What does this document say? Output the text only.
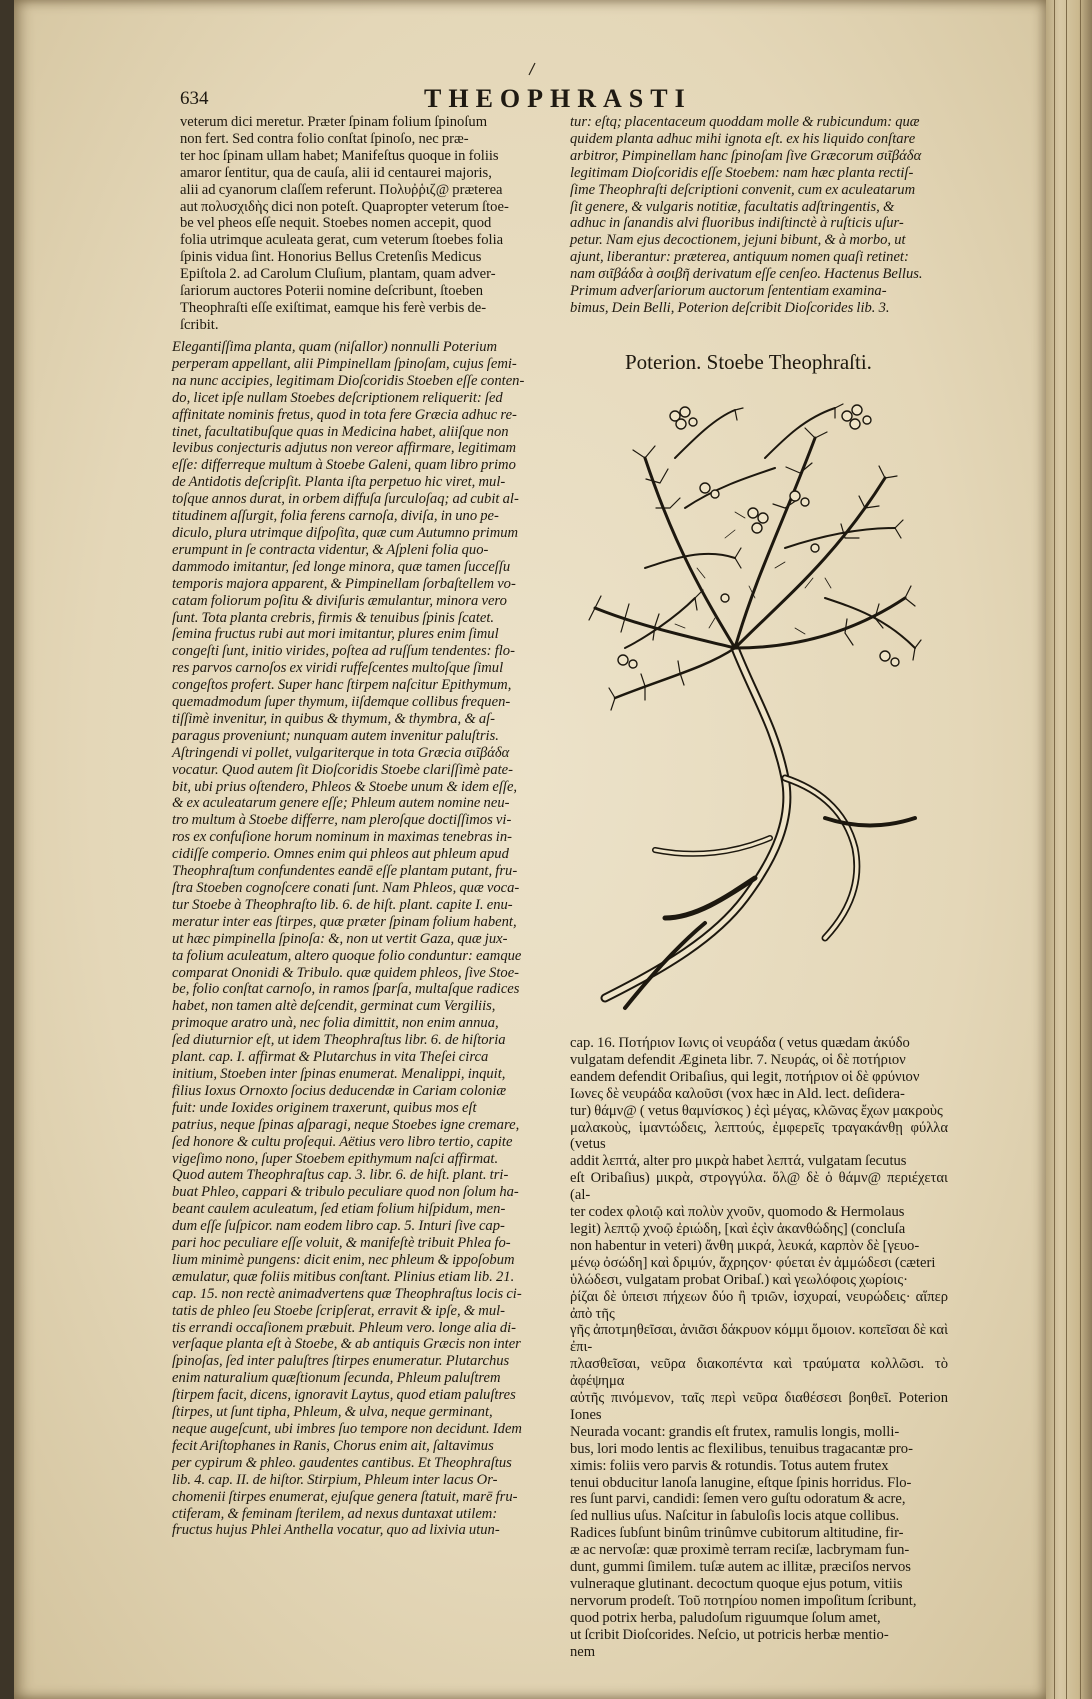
634	THEOPHRASTI

veterum dici meretur. Præter ſpinam folium ſpinoſum
non fert. Sed contra folio conſtat ſpinoſo, nec præ-
ter hoc ſpinam ullam habet; Manifeſtus quoque in foliis
amaror ſentitur, qua de cauſa, alii id centaurei majoris,
alii ad cyanorum claſſem referunt. Πολυῤῥιζ@ præterea
aut πολυσχιδὴς dici non poteſt. Quapropter veterum ſtoe-
be vel pheos eſſe nequit. Stoebes nomen accepit, quod
folia utrimque aculeata gerat, cum veterum ſtoebes folia
ſpinis vidua ſint. Honorius Bellus Cretenſis Medicus
Epiſtola 2. ad Carolum Cluſium, plantam, quam adver-
ſariorum auctores Poterii nomine deſcribunt, ſtoeben
Theophraſti eſſe exiſtimat, eamque his ferè verbis de-
ſcribit.

Elegantiſſima planta, quam (niſallor) nonnulli Poterium
perperam appellant, alii Pimpinellam ſpinoſam, cujus ſemi-
na nunc accipies, legitimam Dioſcoridis Stoeben eſſe conten-
do, licet ipſe nullam Stoebes deſcriptionem reliquerit: ſed
affinitate nominis fretus, quod in tota fere Græcia adhuc re-
tinet, facultatibuſque quas in Medicina habet, aliiſque non
levibus conjecturis adjutus non vereor affirmare, legitimam
eſſe: differreque multum à Stoebe Galeni, quam libro primo
de Antidotis deſcripſit. Planta iſta perpetuo hic viret, mul-
toſque annos durat, in orbem diffuſa ſurculoſaq; ad cubit al-
titudinem aſſurgit, folia ferens carnoſa, diviſa, in uno pe-
diculo, plura utrimque diſpoſita, quæ cum Autumno primum
erumpunt in ſe contracta videntur, & Aſpleni folia quo-
dammodo imitantur, ſed longe minora, quæ tamen ſucceſſu
temporis majora apparent, & Pimpinellam ſorbaſtellem vo-
catam foliorum poſitu & diviſuris æmulantur, minora vero
ſunt. Tota planta crebris, firmis & tenuibus ſpinis ſcatet.
ſemina fructus rubi aut mori imitantur, plures enim ſimul
congeſti ſunt, initio virides, poſtea ad ruſſum tendentes: flo-
res parvos carnoſos ex viridi ruffeſcentes multoſque ſimul
congeſtos profert. Super hanc ſtirpem naſcitur Epithymum,
quemadmodum ſuper thymum, iiſdemque collibus frequen-
tiſſimè invenitur, in quibus & thymum, & thymbra, & aſ-
paragus proveniunt; nunquam autem invenitur paluſtris.
Aſtringendi vi pollet, vulgariterque in tota Græcia σιῖβάδα
vocatur. Quod autem ſit Dioſcoridis Stoebe clariſſimè pate-
bit, ubi prius oſtendero, Phleos & Stoebe unum & idem eſſe,
& ex aculeatarum genere eſſe; Phleum autem nomine neu-
tro multum à Stoebe differre, nam pleroſque doctiſſimos vi-
ros ex confuſione horum nominum in maximas tenebras in-
cidiſſe comperio. Omnes enim qui phleos aut phleum apud
Theophraſtum confundentes eandē eſſe plantam putant, fru-
ſtra Stoeben cognoſcere conati ſunt. Nam Phleos, quæ voca-
tur Stoebe à Theophraſto lib. 6. de hiſt. plant. capite I. enu-
meratur inter eas ſtirpes, quæ præter ſpinam folium habent,
ut hæc pimpinella ſpinoſa: &, non ut vertit Gaza, quæ jux-
ta folium aculeatum, altero quoque folio conduntur: eamque
comparat Ononidi & Tribulo. quæ quidem phleos, ſive Stoe-
be, folio conſtat carnoſo, in ramos ſparſa, multaſque radices
habet, non tamen altè deſcendit, germinat cum Vergiliis,
primoque aratro unà, nec folia dimittit, non enim annua,
ſed diuturnior eſt, ut idem Theophraſtus libr. 6. de hiſtoria
plant. cap. I. affirmat & Plutarchus in vita Theſei circa
initium, Stoeben inter ſpinas enumerat. Menalippi, inquit,
filius Ioxus Ornoxto ſocius deducendæ in Cariam coloniæ
fuit: unde Ioxides originem traxerunt, quibus mos eſt
patrius, neque ſpinas aſparagi, neque Stoebes igne cremare,
ſed honore & cultu proſequi. Aëtius vero libro tertio, capite
vigeſimo nono, ſuper Stoebem epithymum naſci affirmat.
Quod autem Theophraſtus cap. 3. libr. 6. de hiſt. plant. tri-
buat Phleo, cappari & tribulo peculiare quod non ſolum ha-
beant caulem aculeatum, ſed etiam folium hiſpidum, men-
dum eſſe ſuſpicor. nam eodem libro cap. 5. Inturi ſive cap-
pari hoc peculiare eſſe voluit, & manifeſtè tribuit Phlea fo-
lium minimè pungens: dicit enim, nec phleum & ippoſobum
æmulatur, quæ foliis mitibus conſtant. Plinius etiam lib. 21.
cap. 15. non rectè animadvertens quæ Theophraſtus locis ci-
tatis de phleo ſeu Stoebe ſcripſerat, erravit & ipſe, & mul-
tis errandi occaſionem præbuit. Phleum vero. longe alia di-
verſaque planta eſt à Stoebe, & ab antiquis Græcis non inter
ſpinoſas, ſed inter paluſtres ſtirpes enumeratur. Plutarchus
enim naturalium quæſtionum ſecunda, Phleum paluſtrem
ſtirpem facit, dicens, ignoravit Laytus, quod etiam paluſtres
ſtirpes, ut ſunt tipha, Phleum, & ulva, neque germinant,
neque augeſcunt, ubi imbres ſuo tempore non decidunt. Idem
fecit Ariſtophanes in Ranis, Chorus enim ait, ſaltavimus
per cypirum & phleo. gaudentes cantibus. Et Theophraſtus
lib. 4. cap. II. de hiſtor. Stirpium, Phleum inter lacus Or-
chomenii ſtirpes enumerat, ejuſque genera ſtatuit, marē fru-
ctiferam, & feminam ſterilem, ad nexus duntaxat utilem:
fructus hujus Phlei Anthella vocatur, quo ad lixivia utun-

tur: eſtq; placentaceum quoddam molle & rubicundum: quæ
quidem planta adhuc mihi ignota eſt. ex his liquido conſtare
arbitror, Pimpinellam hanc ſpinoſam ſive Græcorum σιῖβάδα
legitimam Dioſcoridis eſſe Stoebem: nam hæc planta rectiſ-
ſime Theophraſti deſcriptioni convenit, cum ex aculeatarum
ſit genere, & vulgaris notitiæ, facultatis adſtringentis, &
adhuc in ſanandis alvi fluoribus indiſtinctè à ruſticis uſur-
petur. Nam ejus decoctionem, jejuni bibunt, & à morbo, ut
ajunt, liberantur: præterea, antiquum nomen quaſi retinet:
nam σιῖβάδα à σοιβῆ derivatum eſſe cenſeo. Hactenus Bellus.
Primum adverſariorum auctorum ſententiam examina-
bimus, Dein Belli, Poterion deſcribit Dioſcorides lib. 3.

Poterion. Stoebe Theophraſti.

cap. 16. Ποτήριον Ιωνις οἱ νευράδα ( vetus quædam ἀκύδο
vulgatam defendit Ægineta libr. 7. Νευράς, οἱ δὲ ποτήριον
eandem defendit Oribaſius, qui legit, ποτήριον οἱ δὲ φρύνιον
Ιωνες δὲ νευράδα καλοῦσι (vox hæc in Ald. lect. deſidera-
tur) θάμν@ ( vetus θαμνίσκος ) ἐςὶ μέγας, κλῶνας ἔχων μακροὺς
μαλακοὺς, ἱμαντώδεις, λεπτούς, ἐμφερεῖς τραγακάνθῃ φύλλα (vetus
addit λεπτά, alter pro μικρὰ habet λεπτά, vulgatam ſecutus
eſt Oribaſius) μικρὰ, στρογγύλα. ὅλ@ δὲ ὁ θάμν@ περιέχεται (al-
ter codex φλοιῷ καὶ πολὺν χνοῦν, quomodo & Hermolaus
legit) λεπτῷ χνοῷ ἐριώδη, [καὶ ἐςὶν ἀκανθώδης] (concluſa
non habentur in veteri) ἄνθη μικρά, λευκά, καρπὸν δὲ [γευο-
μένῳ ὀσώδη] καὶ δριμύν, ἄχρηςον· φύεται ἐν ἀμμώδεσι (cæteri
ὑλώδεσι, vulgatam probat Oribaſ.) καὶ γεωλόφοις χωρίοις·
ῥίζαι δὲ ὑπεισι πήχεων δύο ἢ τριῶν, ἰσχυραί, νευρώδεις· αἵπερ ἀπὸ τῆς
γῆς ἀποτμηθεῖσαι, ἀνιᾶσι δάκρυον κόμμι ὅμοιον. κοπεῖσαι δὲ καὶ ἐπι-
πλασθεῖσαι, νεῦρα διακοπέντα καὶ τραύματα κολλῶσι. τὸ ἀφέψημα
αὐτῆς πινόμενον, ταῖς περὶ νεῦρα διαθέσεσι βοηθεῖ. Poterion Iones
Neurada vocant: grandis eſt frutex, ramulis longis, molli-
bus, lori modo lentis ac flexilibus, tenuibus tragacantæ pro-
ximis: foliis vero parvis & rotundis. Totus autem frutex
tenui obducitur lanoſa lanugine, eſtque ſpinis horridus. Flo-
res ſunt parvi, candidi: ſemen vero guſtu odoratum & acre,
ſed nullius uſus. Naſcitur in ſabuloſis locis atque collibus.
Radices ſubſunt binûm trinûmve cubitorum altitudine, fir-
æ ac nervoſæ: quæ proximè terram reciſæ, lacbrymam fun-
dunt, gummi ſimilem. tuſæ autem ac illitæ, præciſos nervos
vulneraque glutinant. decoctum quoque ejus potum, vitiis
nervorum prodeſt. Τοῦ ποτηρίου nomen impoſitum ſcribunt,
quod potrix herba, paludoſum riguumque ſolum amet,
ut ſcribit Dioſcorides. Neſcio, ut potricis herbæ mentio-
nem
